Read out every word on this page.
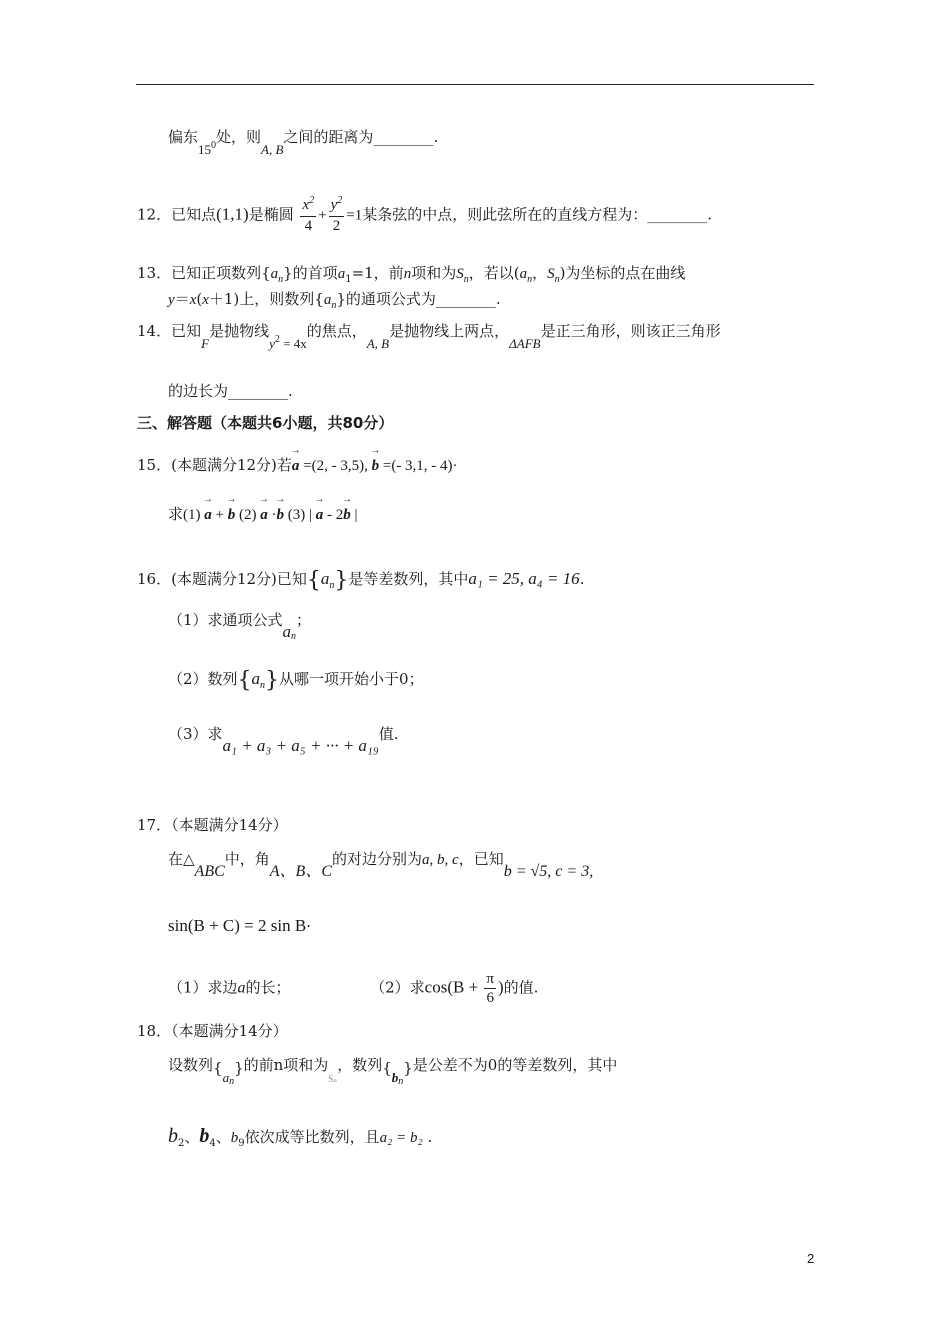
偏东$15^0$处，则A, B之间的距离为________.
12．已知点(1,1)是椭圆 $\frac{x^2}{4} + \frac{y^2}{2} =1$某条弦的中点，则此弦所在的直线方程为：________.
13．已知正项数列$\{a_n\}$的首项$a_1=1$，前n项和为$S_n$，若以($a_n$，$S_n$)为坐标的点在曲线
y＝x(x＋1)上，则数列$\{a_n\}$的通项公式为________.
14．已知F是抛物线$y^2 = 4x$的焦点，A, B是抛物线上两点，ΔAFB是正三角形，则该正三角形
的边长为________.
三、解答题（本题共6小题，共80分）
15．(本题满分12分)若→ a =(2, - 3,5), → b =(- 3,1, - 4)·
求(1) → a + → b (2) → a ·→ b (3) | → a - 2→ b |
16．(本题满分12分)已知$\{a_n\}$是等差数列，其中a₁ = 25, a₄ = 16.
（1）求通项公式$a_n$；
（2）数列$\{a_n\}$从哪一项开始小于0；
（3）求a₁ + a₃ + a₅ + ··· + a₁₉值.
17．（本题满分14分）
在△ABC中，角A、B、C的对边分别为a, b, c，已知b = √5, c = 3,
sin(B + C) = 2 sin B·
（1）求边a的长；	（2）求$\cos(B + \frac{\pi}{6}$ )的值.
18．（本题满分14分）
设数列$\{a_n\}$的前n项和为$_{S_n}$，数列$\{b_n\}$是公差不为0的等差数列，其中
$b_2$、$b_4$、$b_9$依次成等比数列，且a₂ = b₂ .
2
